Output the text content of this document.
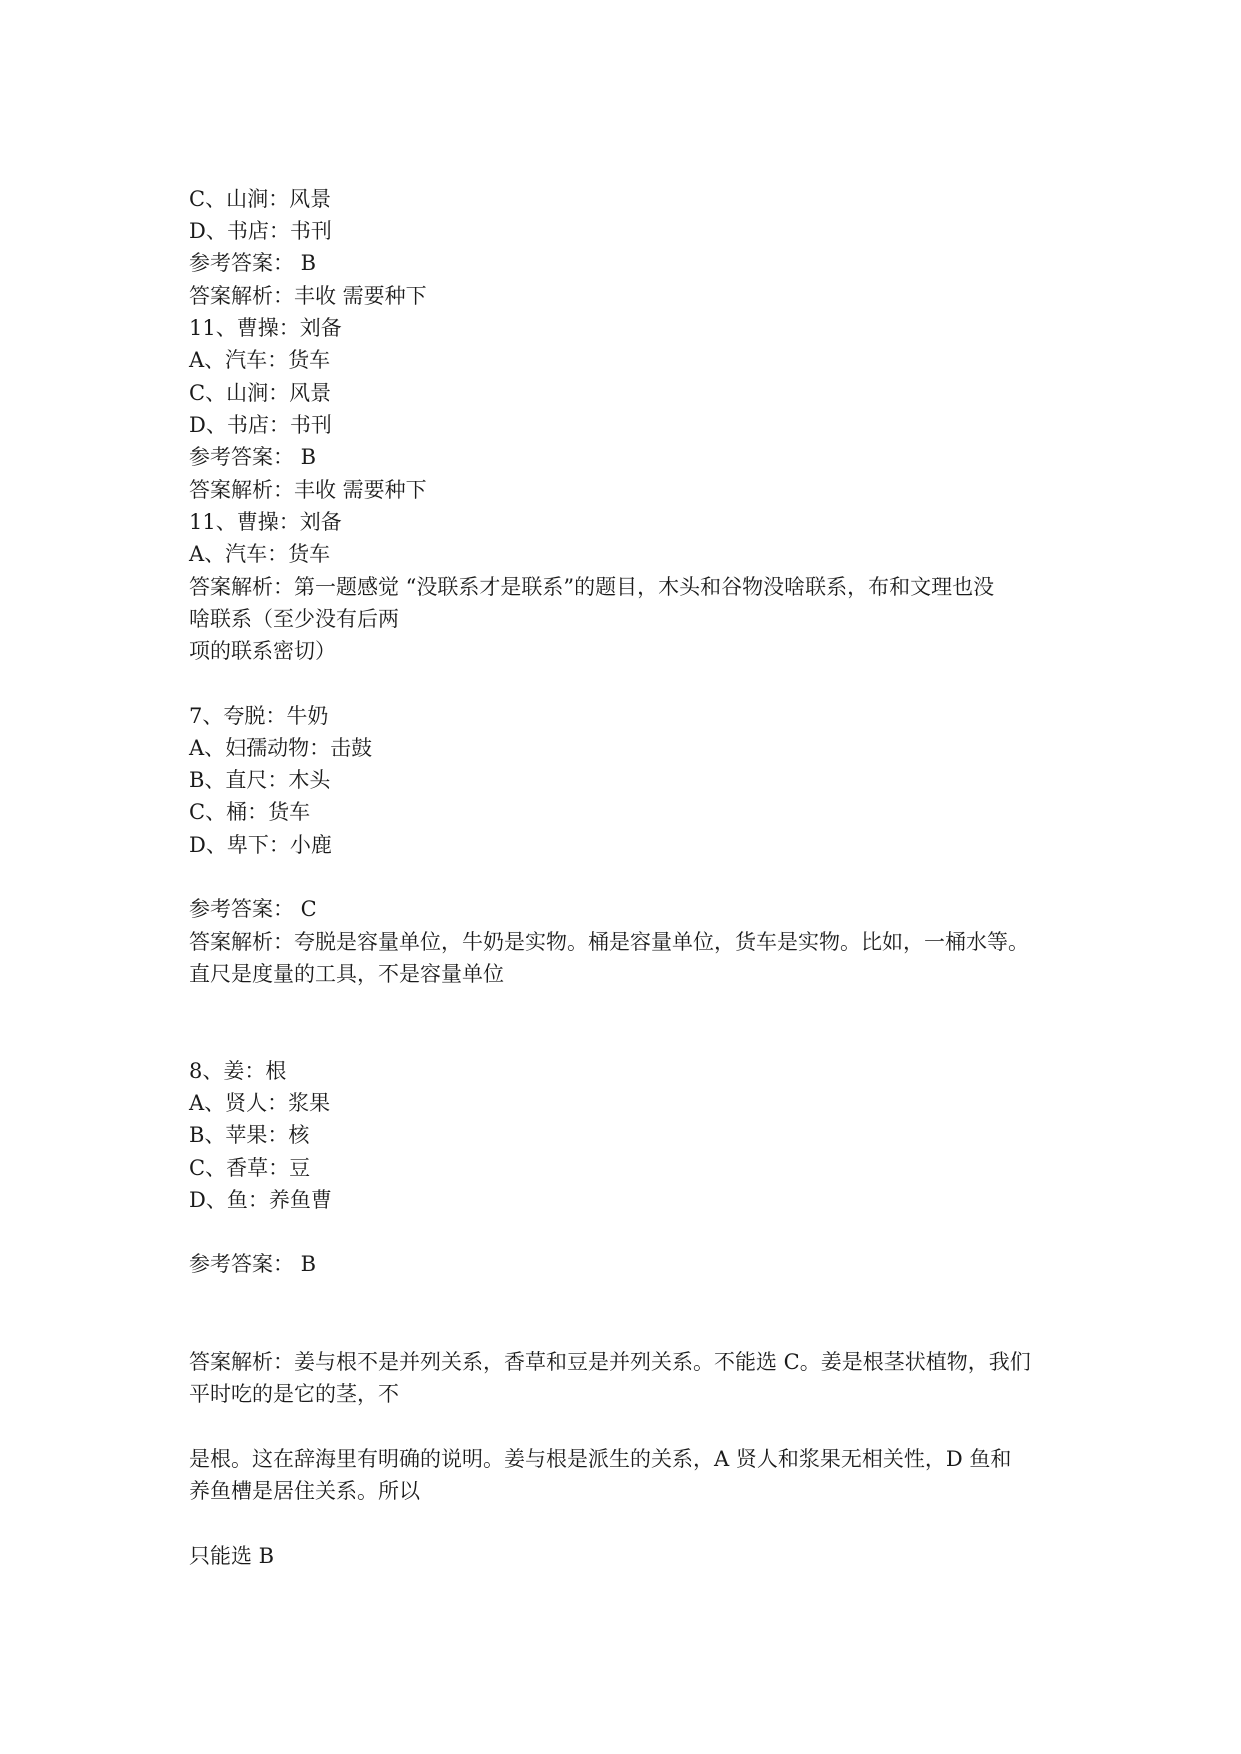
C、山涧：风景
D、书店：书刊
参考答案： B
答案解析：丰收 需要种下
11、曹操：刘备
A、汽车：货车
C、山涧：风景
D、书店：书刊
参考答案： B
答案解析：丰收 需要种下
11、曹操：刘备
A、汽车：货车
答案解析：第一题感觉 “没联系才是联系”的题目，木头和谷物没啥联系，布和文理也没
啥联系（至少没有后两
项的联系密切）
7、夸脱：牛奶
A、妇孺动物：击鼓
B、直尺：木头
C、桶：货车
D、卑下：小鹿
参考答案： C
答案解析：夸脱是容量单位，牛奶是实物。桶是容量单位，货车是实物。比如，一桶水等。
直尺是度量的工具，不是容量单位
8、姜：根
A、贤人：浆果
B、苹果：核
C、香草：豆
D、鱼：养鱼曹
参考答案： B
答案解析：姜与根不是并列关系，香草和豆是并列关系。不能选 C。姜是根茎状植物，我们
平时吃的是它的茎，不
是根。这在辞海里有明确的说明。姜与根是派生的关系，A 贤人和浆果无相关性，D 鱼和
养鱼槽是居住关系。所以
只能选 B
